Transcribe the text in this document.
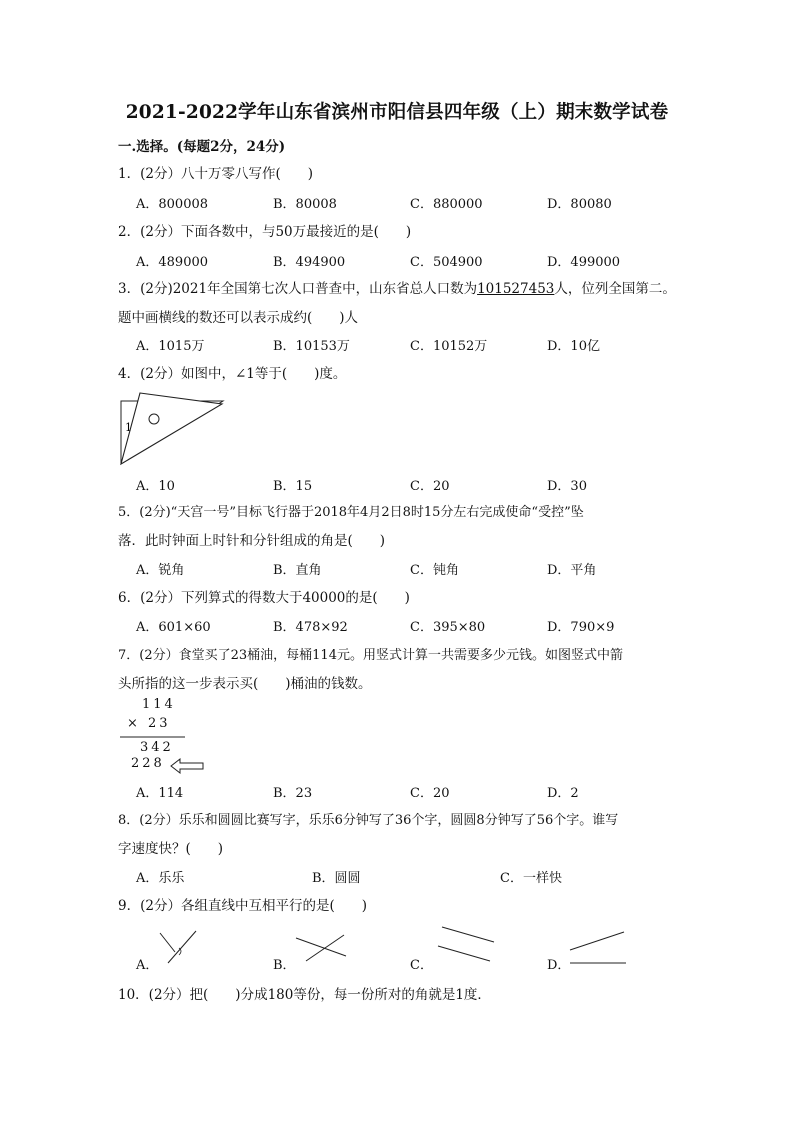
2021-2022学年山东省滨州市阳信县四年级（上）期末数学试卷
一.选择。(每题2分，24分)
1．(2分）八十万零八写作(　　)
A．800008	B．80008	C．880000	D．80080
2．(2分）下面各数中，与50万最接近的是(　　)
A．489000	B．494900	C．504900	D．499000
3．(2分)2021年全国第七次人口普查中，山东省总人口数为101527453人，位列全国第二。
题中画横线的数还可以表示成约(　　)人
A．1015万	B．10153万	C．10152万	D．10亿
4．(2分）如图中，∠1等于(　　)度。
1
A．10	B．15	C．20	D．30
5．(2分)“天宫一号”目标飞行器于2018年4月2日8时15分左右完成使命“受控”坠
落．此时钟面上时针和分针组成的角是(　　)
A．锐角	B．直角	C．钝角	D．平角
6．(2分）下列算式的得数大于40000的是(　　)
A．601×60	B．478×92	C．395×80	D．790×9
7．(2分）食堂买了23桶油，每桶114元。用竖式计算一共需要多少元钱。如图竖式中箭
头所指的这一步表示买(　　)桶油的钱数。
114
× 23
342
228
A．114	B．23	C．20	D．2
8．(2分）乐乐和圆圆比赛写字，乐乐6分钟写了36个字，圆圆8分钟写了56个字。谁写
字速度快？(　　)
A．乐乐	B．圆圆	C．一样快
9．(2分）各组直线中互相平行的是(　　)
A．	B．	C．	D．
10．(2分）把(　　)分成180等份，每一份所对的角就是1度．
